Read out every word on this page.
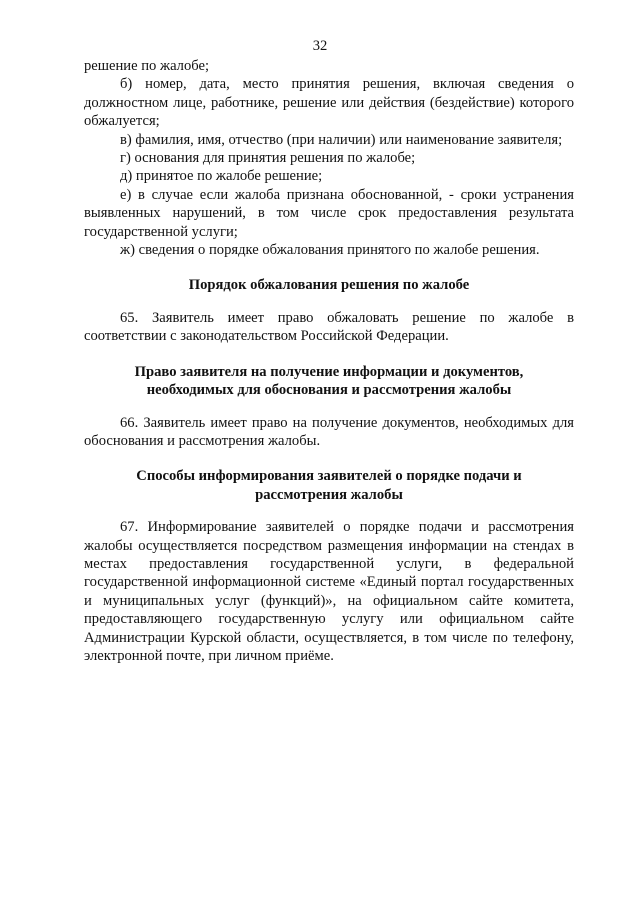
32

решение по жалобе;

б) номер, дата, место принятия решения, включая сведения о должностном лице, работнике, решение или действия (бездействие) которого обжалуется;

в) фамилия, имя, отчество (при наличии) или наименование заявителя;

г) основания для принятия решения по жалобе;

д) принятое по жалобе решение;

е) в случае если жалоба признана обоснованной, - сроки устранения выявленных нарушений, в том числе срок предоставления результата государственной услуги;

ж) сведения о порядке обжалования принятого по жалобе решения.

Порядок обжалования решения по жалобе

65. Заявитель имеет право обжаловать решение по жалобе в соответствии с законодательством Российской Федерации.

Право заявителя на получение информации и документов,
необходимых для обоснования и рассмотрения жалобы

66. Заявитель имеет право на получение документов, необходимых для обоснования и рассмотрения жалобы.

Способы информирования заявителей о порядке подачи и
рассмотрения жалобы

67. Информирование заявителей о порядке подачи и рассмотрения жалобы осуществляется посредством размещения информации на стендах в местах предоставления государственной услуги, в федеральной государственной информационной системе «Единый портал государственных и муниципальных услуг (функций)», на официальном сайте комитета, предоставляющего государственную услугу или официальном сайте Администрации Курской области, осуществляется, в том числе по телефону, электронной почте, при личном приёме.
